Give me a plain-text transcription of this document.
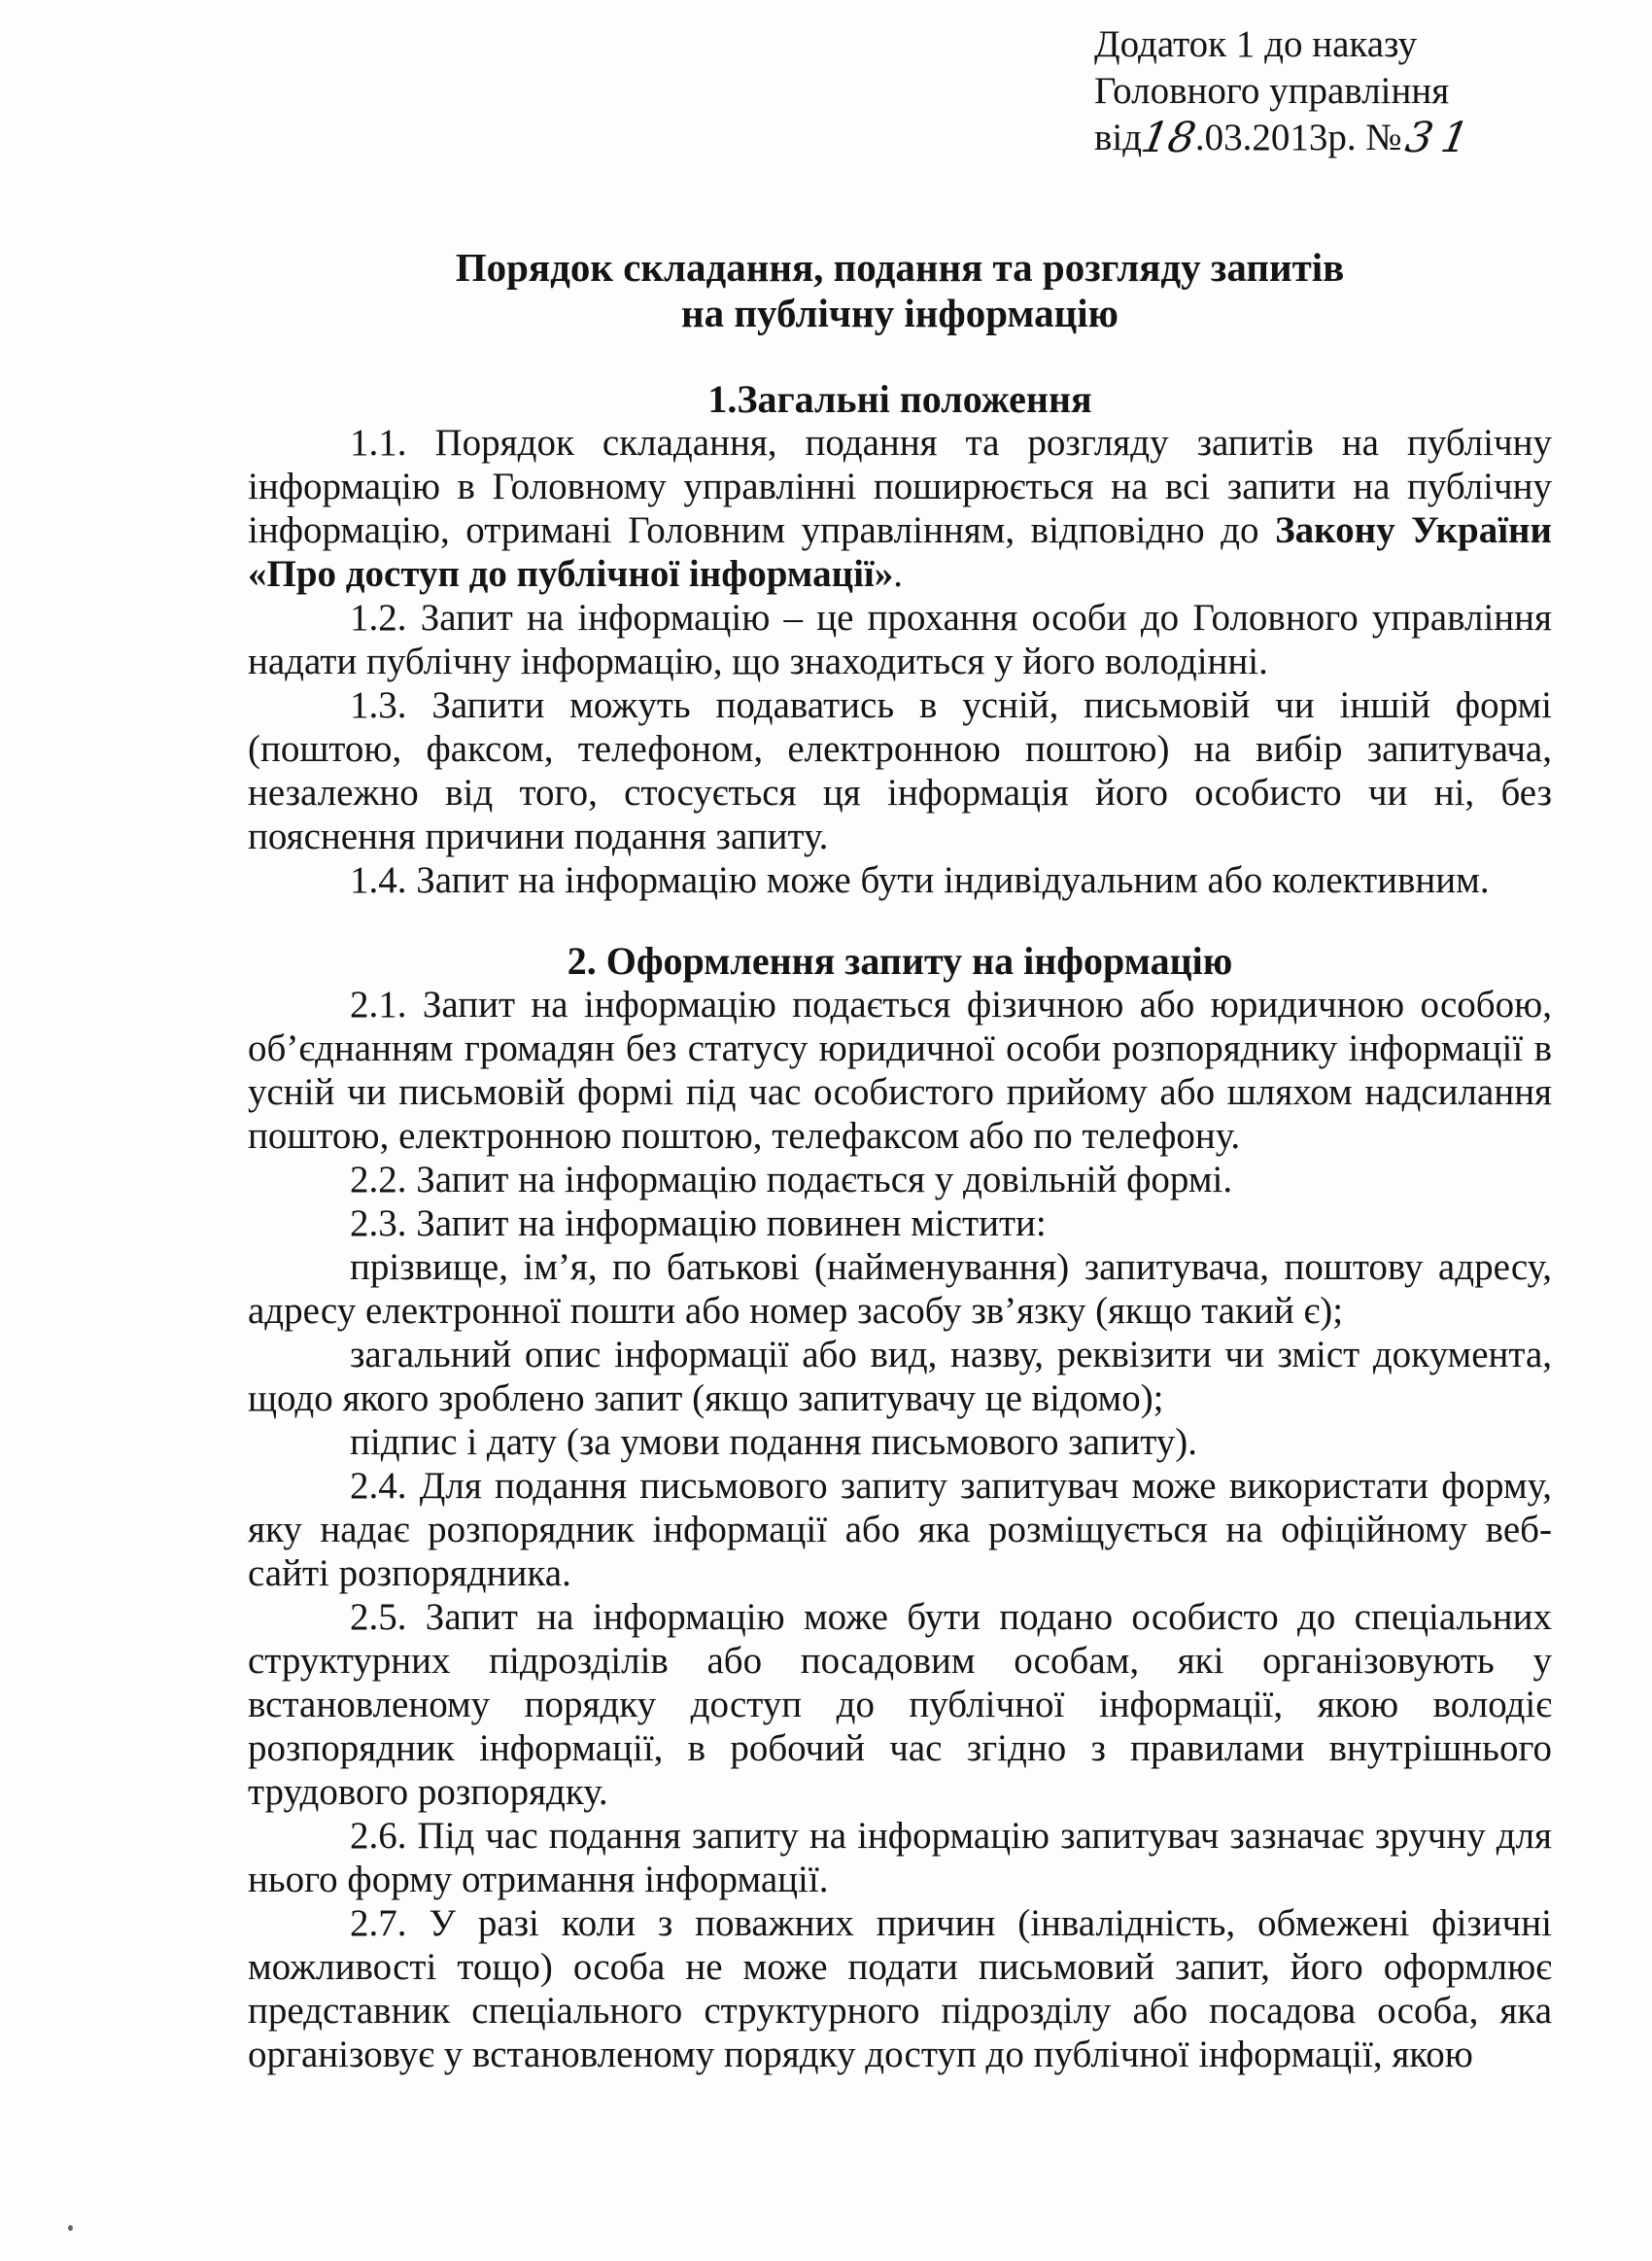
Додаток 1 до наказу
Головного управління
від18.03.2013р. №31
Порядок складання, подання та розгляду запитів
на публічну інформацію

1.Загальні положення

1.1. Порядок складання, подання та розгляду запитів на публічну інформацію в Головному управлінні поширюється на всі запити на публічну інформацію, отримані Головним управлінням, відповідно до Закону України «Про доступ до публічної інформації».

1.2. Запит на інформацію – це прохання особи до Головного управління надати публічну інформацію, що знаходиться у його володінні.

1.3. Запити можуть подаватись в усній, письмовій чи іншій формі (поштою, факсом, телефоном, електронною поштою) на вибір запитувача, незалежно від того, стосується ця інформація його особисто чи ні, без пояснення причини подання запиту.

1.4. Запит на інформацію може бути індивідуальним або колективним.

2. Оформлення запиту на інформацію

2.1. Запит на інформацію подається фізичною або юридичною особою, об’єднанням громадян без статусу юридичної особи розпоряднику інформації в усній чи письмовій формі під час особистого прийому або шляхом надсилання поштою, електронною поштою, телефаксом або по телефону.

2.2. Запит на інформацію подається у довільній формі.

2.3. Запит на інформацію повинен містити:

прізвище, ім’я, по батькові (найменування) запитувача, поштову адресу, адресу електронної пошти або номер засобу зв’язку (якщо такий є);

загальний опис інформації або вид, назву, реквізити чи зміст документа, щодо якого зроблено запит (якщо запитувачу це відомо);

підпис і дату (за умови подання письмового запиту).

2.4. Для подання письмового запиту запитувач може використати форму, яку надає розпорядник інформації або яка розміщується на офіційному веб-сайті розпорядника.

2.5. Запит на інформацію може бути подано особисто до спеціальних структурних підрозділів або посадовим особам, які організовують у встановленому порядку доступ до публічної інформації, якою володіє розпорядник інформації, в робочий час згідно з правилами внутрішнього трудового розпорядку.

2.6. Під час подання запиту на інформацію запитувач зазначає зручну для нього форму отримання інформації.

2.7. У разі коли з поважних причин (інвалідність, обмежені фізичні можливості тощо) особа не може подати письмовий запит, його оформлює представник спеціального структурного підрозділу або посадова особа, яка організовує у встановленому порядку доступ до публічної інформації, якою
